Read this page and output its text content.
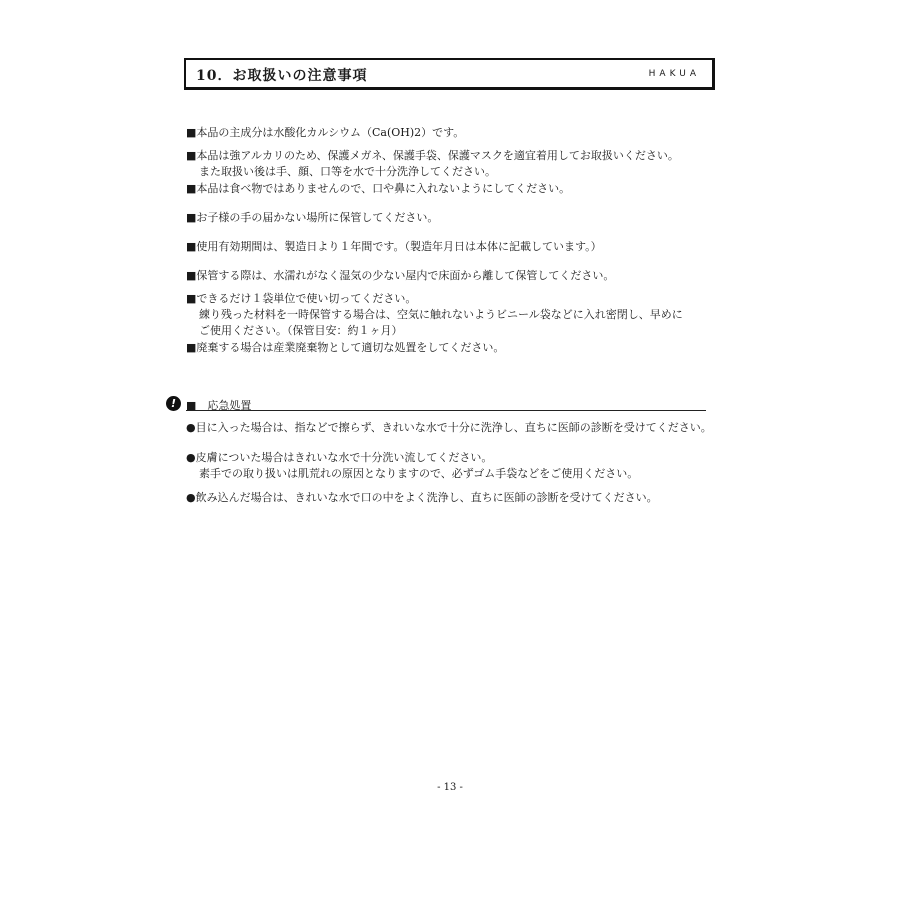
10．お取扱いの注意事項	HAKUA
■本品の主成分は水酸化カルシウム（Ca(OH)2）です。
■本品は強アルカリのため、保護メガネ、保護手袋、保護マスクを適宜着用してお取扱いください。
また取扱い後は手、顔、口等を水で十分洗浄してください。
■本品は食べ物ではありませんので、口や鼻に入れないようにしてください。
■お子様の手の届かない場所に保管してください。
■使用有効期間は、製造日より１年間です。（製造年月日は本体に記載しています。）
■保管する際は、水濡れがなく湿気の少ない屋内で床面から離して保管してください。
■できるだけ１袋単位で使い切ってください。
練り残った材料を一時保管する場合は、空気に触れないようビニール袋などに入れ密閉し、早めに
ご使用ください。（保管目安：約１ヶ月）
■廃棄する場合は産業廃棄物として適切な処置をしてください。
! ■　応急処置
●目に入った場合は、指などで擦らず、きれいな水で十分に洗浄し、直ちに医師の診断を受けてください。
●皮膚についた場合はきれいな水で十分洗い流してください。
素手での取り扱いは肌荒れの原因となりますので、必ずゴム手袋などをご使用ください。
●飲み込んだ場合は、きれいな水で口の中をよく洗浄し、直ちに医師の診断を受けてください。
- 13 -
